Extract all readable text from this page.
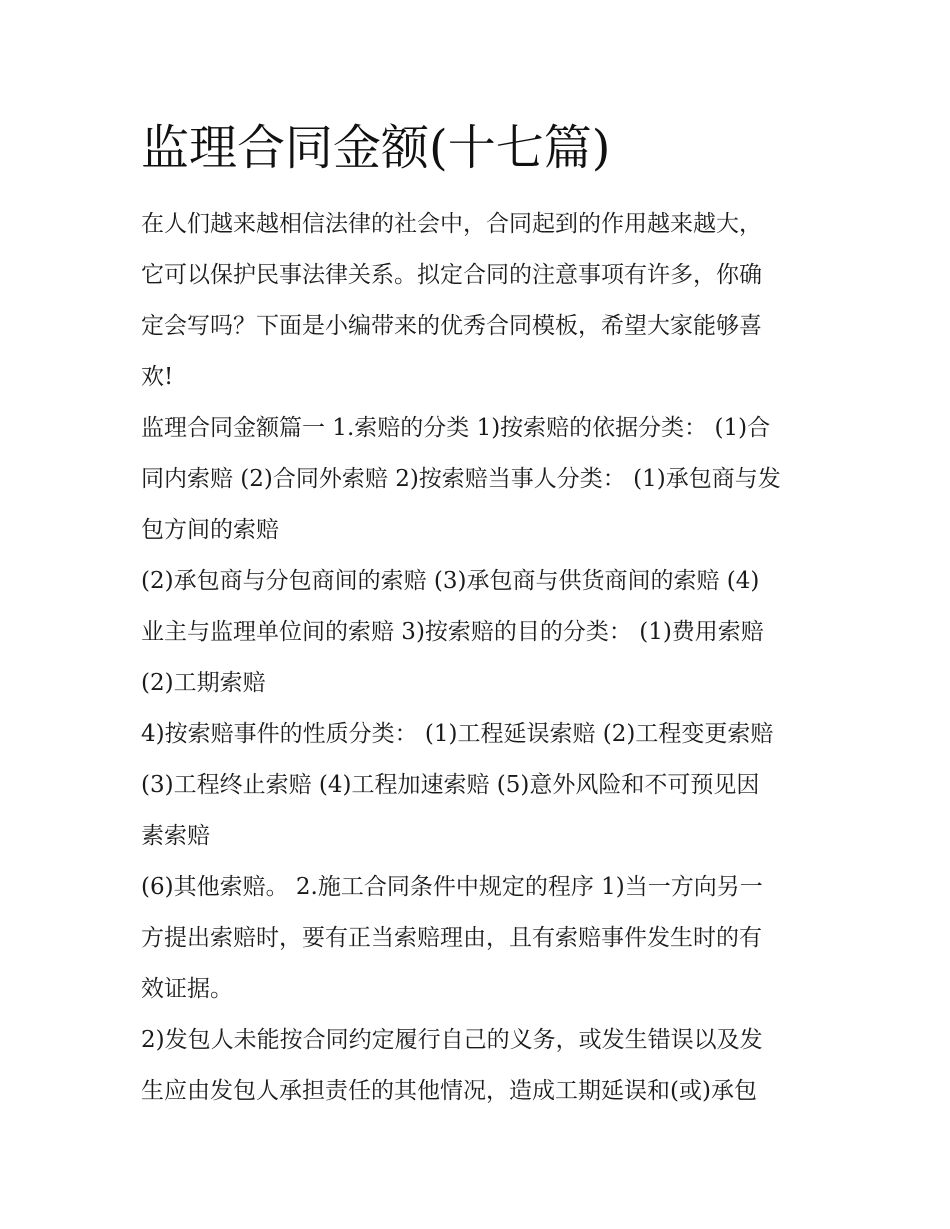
监理合同金额(十七篇)

在人们越来越相信法律的社会中，合同起到的作用越来越大，
它可以保护民事法律关系。拟定合同的注意事项有许多，你确
定会写吗？下面是小编带来的优秀合同模板，希望大家能够喜
欢!

监理合同金额篇一 1.索赔的分类 1)按索赔的依据分类： (1)合
同内索赔 (2)合同外索赔 2)按索赔当事人分类： (1)承包商与发
包方间的索赔

(2)承包商与分包商间的索赔 (3)承包商与供货商间的索赔 (4)
业主与监理单位间的索赔 3)按索赔的目的分类： (1)费用索赔
(2)工期索赔

4)按索赔事件的性质分类： (1)工程延误索赔 (2)工程变更索赔
(3)工程终止索赔 (4)工程加速索赔 (5)意外风险和不可预见因
素索赔

(6)其他索赔。 2.施工合同条件中规定的程序 1)当一方向另一
方提出索赔时，要有正当索赔理由，且有索赔事件发生时的有
效证据。

2)发包人未能按合同约定履行自己的义务，或发生错误以及发
生应由发包人承担责任的其他情况，造成工期延误和(或)承包
